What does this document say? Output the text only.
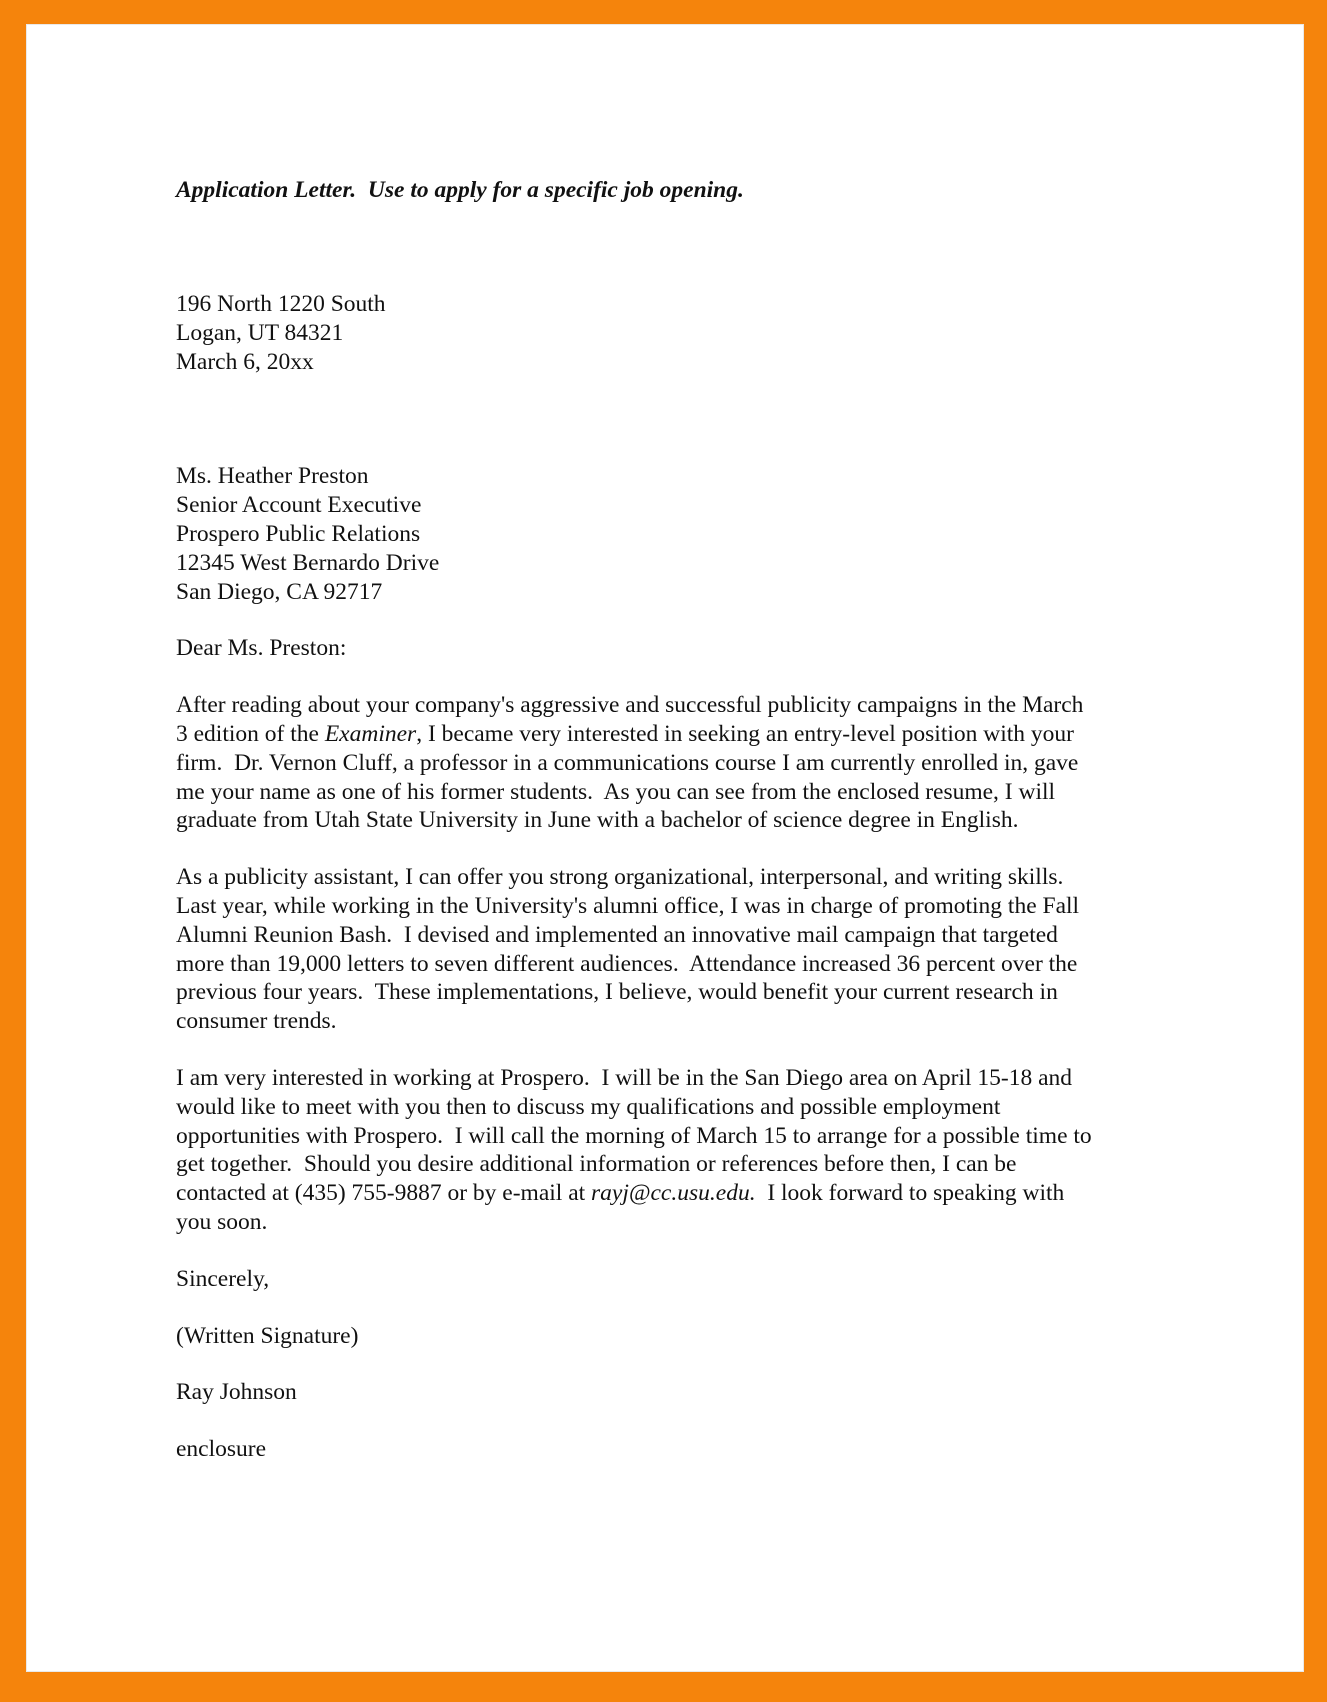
Application Letter.  Use to apply for a specific job opening.

196 North 1220 South
Logan, UT 84321
March 6, 20xx
Ms. Heather Preston
Senior Account Executive
Prospero Public Relations
12345 West Bernardo Drive
San Diego, CA 92717
Dear Ms. Preston:
After reading about your company's aggressive and successful publicity campaigns in the March
3 edition of the Examiner, I became very interested in seeking an entry-level position with your
firm.  Dr. Vernon Cluff, a professor in a communications course I am currently enrolled in, gave
me your name as one of his former students.  As you can see from the enclosed resume, I will
graduate from Utah State University in June with a bachelor of science degree in English.
As a publicity assistant, I can offer you strong organizational, interpersonal, and writing skills.
Last year, while working in the University's alumni office, I was in charge of promoting the Fall
Alumni Reunion Bash.  I devised and implemented an innovative mail campaign that targeted
more than 19,000 letters to seven different audiences.  Attendance increased 36 percent over the
previous four years.  These implementations, I believe, would benefit your current research in
consumer trends.
I am very interested in working at Prospero.  I will be in the San Diego area on April 15-18 and
would like to meet with you then to discuss my qualifications and possible employment
opportunities with Prospero.  I will call the morning of March 15 to arrange for a possible time to
get together.  Should you desire additional information or references before then, I can be
contacted at (435) 755-9887 or by e-mail at rayj@cc.usu.edu.  I look forward to speaking with
you soon.
Sincerely,
(Written Signature)
Ray Johnson
enclosure
